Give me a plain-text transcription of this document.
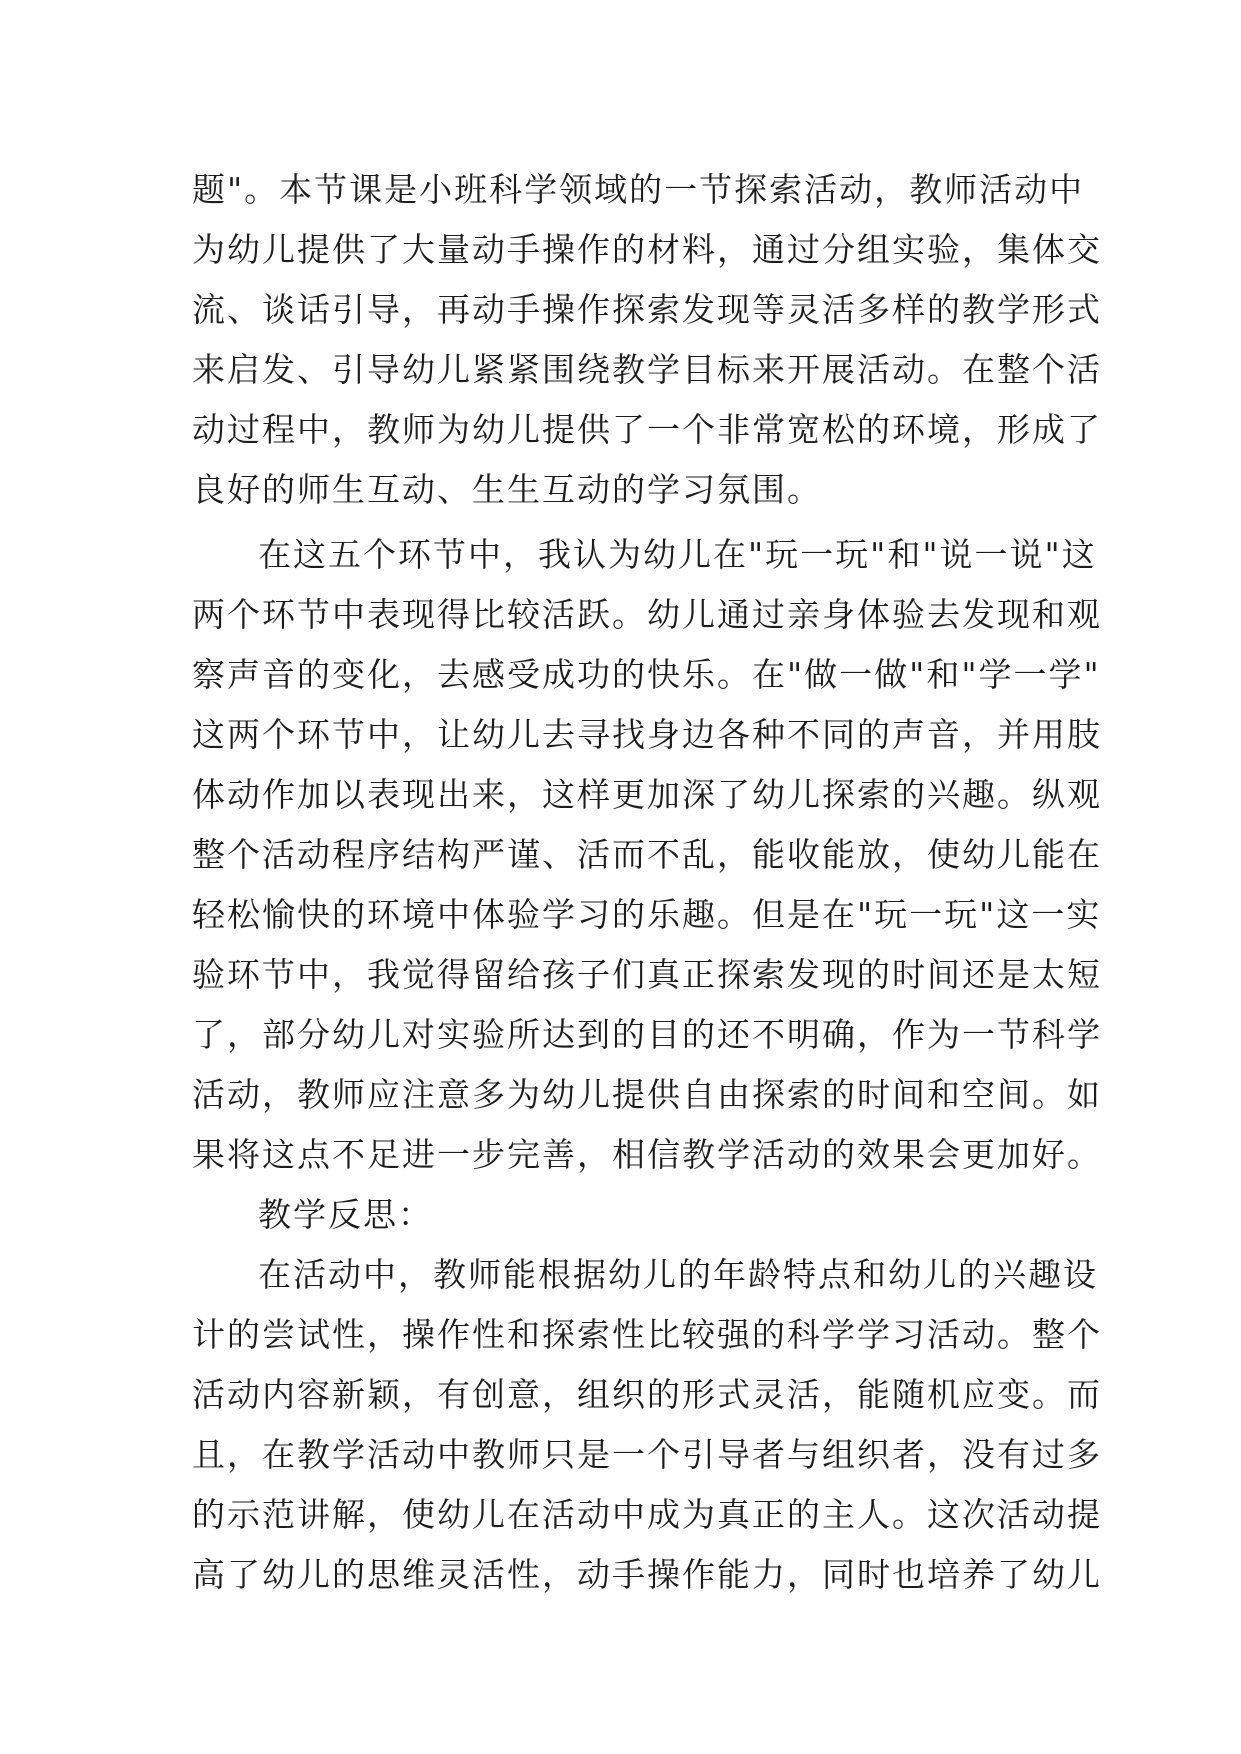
题"。本节课是小班科学领域的一节探索活动，教师活动中
为幼儿提供了大量动手操作的材料，通过分组实验，集体交
流、谈话引导，再动手操作探索发现等灵活多样的教学形式
来启发、引导幼儿紧紧围绕教学目标来开展活动。在整个活
动过程中，教师为幼儿提供了一个非常宽松的环境，形成了
良好的师生互动、生生互动的学习氛围。
在这五个环节中，我认为幼儿在"玩一玩"和"说一说"这
两个环节中表现得比较活跃。幼儿通过亲身体验去发现和观
察声音的变化，去感受成功的快乐。在"做一做"和"学一学"
这两个环节中，让幼儿去寻找身边各种不同的声音，并用肢
体动作加以表现出来，这样更加深了幼儿探索的兴趣。纵观
整个活动程序结构严谨、活而不乱，能收能放，使幼儿能在
轻松愉快的环境中体验学习的乐趣。但是在"玩一玩"这一实
验环节中，我觉得留给孩子们真正探索发现的时间还是太短
了，部分幼儿对实验所达到的目的还不明确，作为一节科学
活动，教师应注意多为幼儿提供自由探索的时间和空间。如
果将这点不足进一步完善，相信教学活动的效果会更加好。
教学反思：
在活动中，教师能根据幼儿的年龄特点和幼儿的兴趣设
计的尝试性，操作性和探索性比较强的科学学习活动。整个
活动内容新颖，有创意，组织的形式灵活，能随机应变。而
且，在教学活动中教师只是一个引导者与组织者，没有过多
的示范讲解，使幼儿在活动中成为真正的主人。这次活动提
高了幼儿的思维灵活性，动手操作能力，同时也培养了幼儿
